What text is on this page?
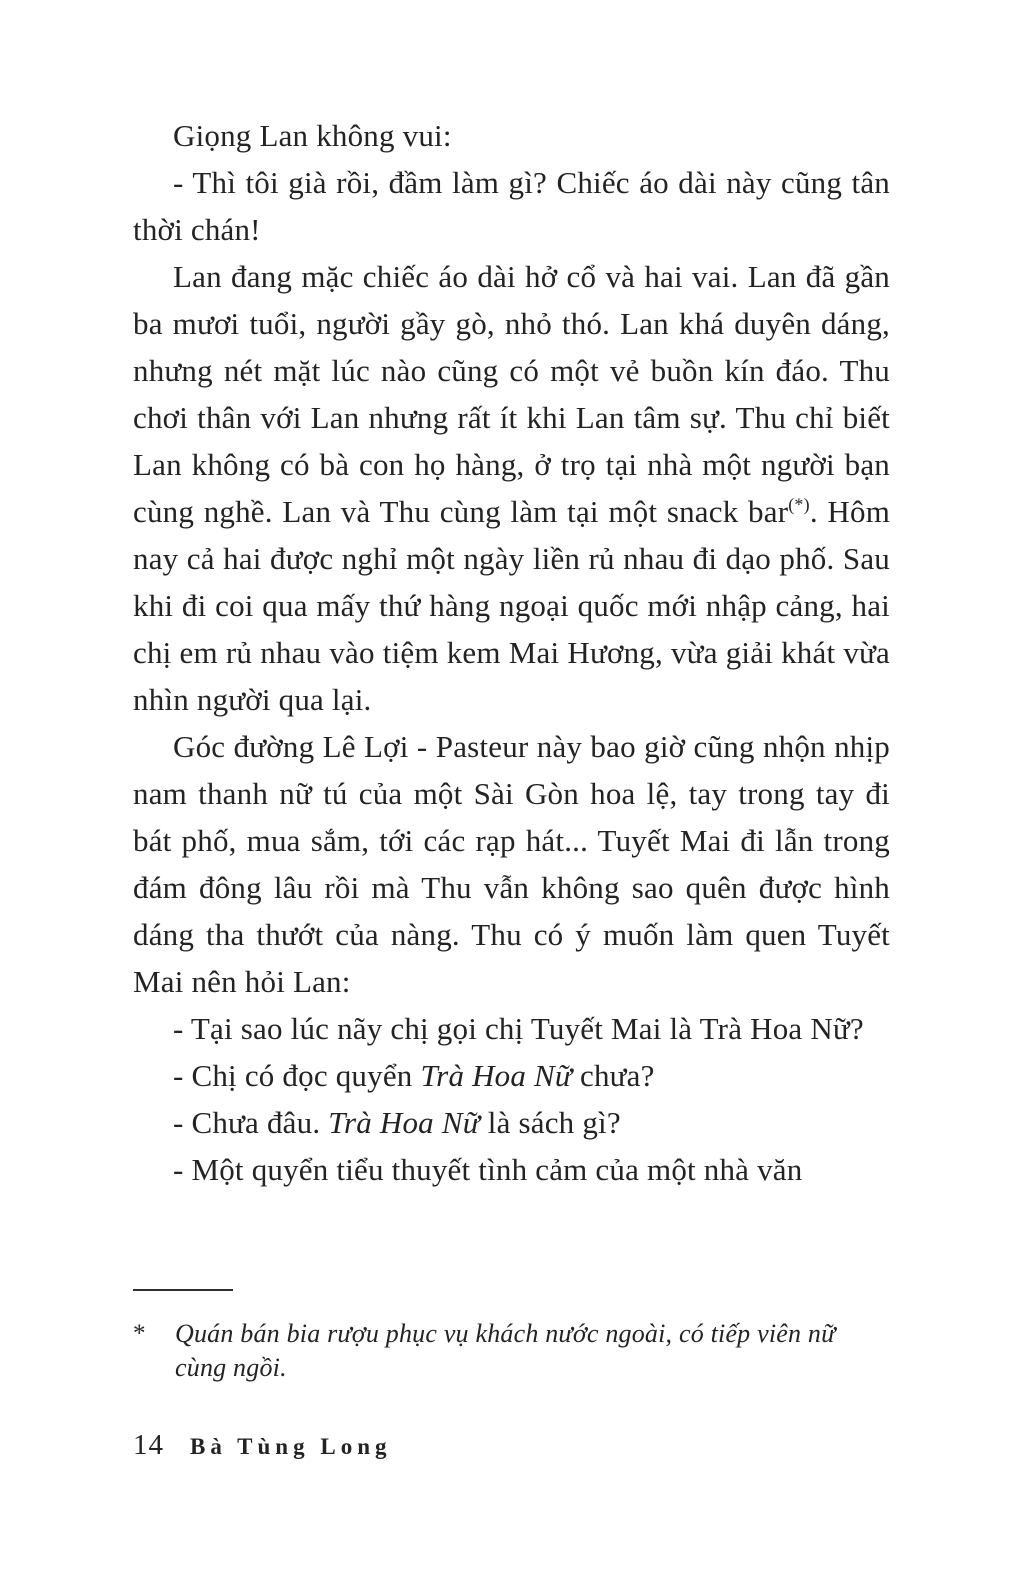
Giọng Lan không vui:

- Thì tôi già rồi, đầm làm gì? Chiếc áo dài này cũng tân thời chán!

Lan đang mặc chiếc áo dài hở cổ và hai vai. Lan đã gần ba mươi tuổi, người gầy gò, nhỏ thó. Lan khá duyên dáng, nhưng nét mặt lúc nào cũng có một vẻ buồn kín đáo. Thu chơi thân với Lan nhưng rất ít khi Lan tâm sự. Thu chỉ biết Lan không có bà con họ hàng, ở trọ tại nhà một người bạn cùng nghề. Lan và Thu cùng làm tại một snack bar(*). Hôm nay cả hai được nghỉ một ngày liền rủ nhau đi dạo phố. Sau khi đi coi qua mấy thứ hàng ngoại quốc mới nhập cảng, hai chị em rủ nhau vào tiệm kem Mai Hương, vừa giải khát vừa nhìn người qua lại.

Góc đường Lê Lợi - Pasteur này bao giờ cũng nhộn nhịp nam thanh nữ tú của một Sài Gòn hoa lệ, tay trong tay đi bát phố, mua sắm, tới các rạp hát... Tuyết Mai đi lẫn trong đám đông lâu rồi mà Thu vẫn không sao quên được hình dáng tha thướt của nàng. Thu có ý muốn làm quen Tuyết Mai nên hỏi Lan:

- Tại sao lúc nãy chị gọi chị Tuyết Mai là Trà Hoa Nữ?

- Chị có đọc quyển Trà Hoa Nữ chưa?

- Chưa đâu. Trà Hoa Nữ là sách gì?

- Một quyển tiểu thuyết tình cảm của một nhà văn

*	Quán bán bia rượu phục vụ khách nước ngoài, có tiếp viên nữ cùng ngồi.
14 Bà Tùng Long
